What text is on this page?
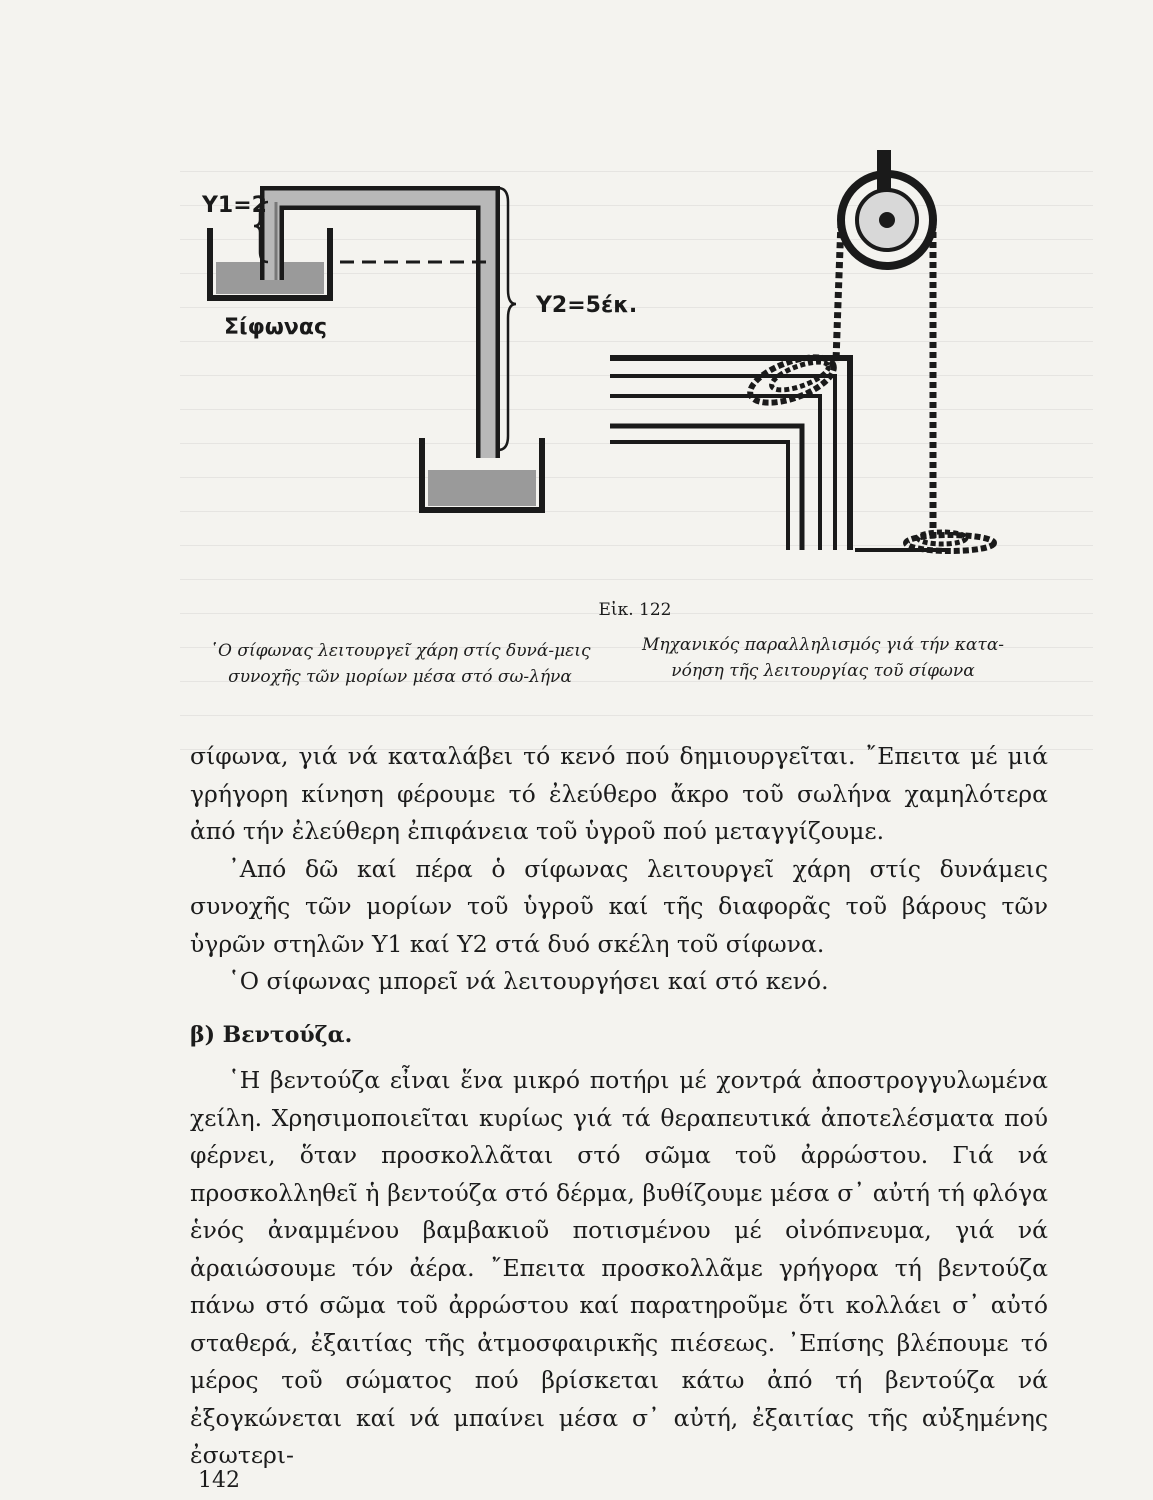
Y1=2
Y2=5έκ.
Σίφωνας
Εἰκ. 122
῾Ο σίφωνας λειτουργεῖ χάρη στίς δυνά-μεις συνοχῆς τῶν μορίων μέσα στό σω-λήνα
Μηχανικός παραλληλισμός γιά τήν κατα-νόηση τῆς λειτουργίας τοῦ σίφωνα

σίφωνα, γιά νά καταλάβει τό κενό πού δημιουργεῖται. ῎Επειτα μέ μιά γρήγορη κίνηση φέρουμε τό ἐλεύθερο ἄκρο τοῦ σωλήνα χαμηλότερα ἀπό τήν ἐλεύθερη ἐπιφάνεια τοῦ ὑγροῦ πού μεταγγίζουμε.

᾿Από δῶ καί πέρα ὁ σίφωνας λειτουργεῖ χάρη στίς δυνάμεις συνοχῆς τῶν μορίων τοῦ ὑγροῦ καί τῆς διαφορᾶς τοῦ βάρους τῶν ὑγρῶν στηλῶν Υ1 καί Υ2 στά δυό σκέλη τοῦ σίφωνα.

῾Ο σίφωνας μπορεῖ νά λειτουργήσει καί στό κενό.

β) Βεντούζα.

῾Η βεντούζα εἶναι ἕνα μικρό ποτήρι μέ χοντρά ἀποστρογγυλωμένα χείλη. Χρησιμοποιεῖται κυρίως γιά τά θεραπευτικά ἀποτελέσματα πού φέρνει, ὅταν προσκολλᾶται στό σῶμα τοῦ ἀρρώστου. Γιά νά προσκολληθεῖ ἡ βεντούζα στό δέρμα, βυθίζουμε μέσα σ᾿ αὐτή τή φλόγα ἑνός ἀναμμένου βαμβακιοῦ ποτισμένου μέ οἰνόπνευμα, γιά νά ἀραιώσουμε τόν ἀέρα. ῎Επειτα προσκολλᾶμε γρήγορα τή βεντούζα πάνω στό σῶμα τοῦ ἀρρώστου καί παρατηροῦμε ὅτι κολλάει σ᾿ αὐτό σταθερά, ἐξαιτίας τῆς ἀτμοσφαιρικῆς πιέσεως. ᾿Επίσης βλέπουμε τό μέρος τοῦ σώματος πού βρίσκεται κάτω ἀπό τή βεντούζα νά ἐξογκώνεται καί νά μπαίνει μέσα σ᾿ αὐτή, ἐξαιτίας τῆς αὐξημένης ἐσωτερι-

142
